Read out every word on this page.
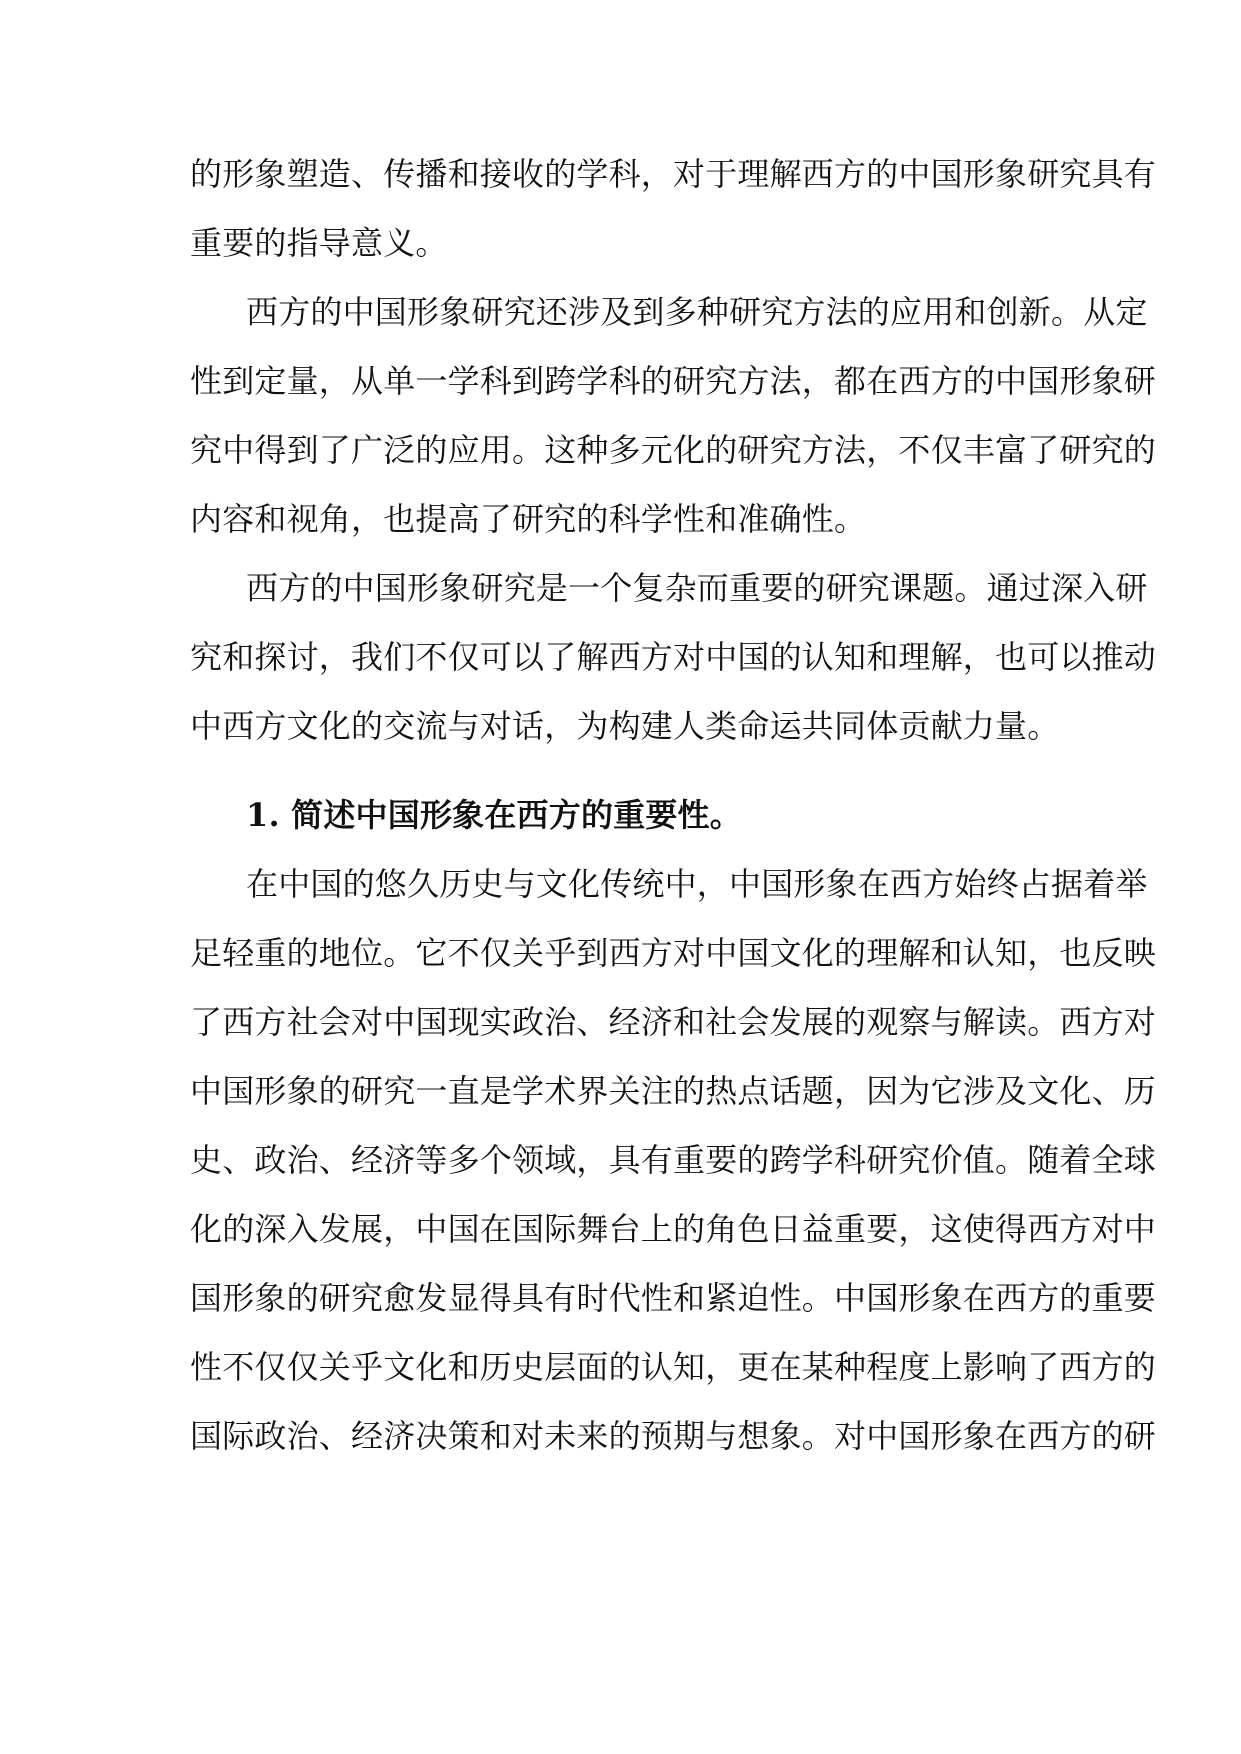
的形象塑造、传播和接收的学科，对于理解西方的中国形象研究具有
重要的指导意义。
西方的中国形象研究还涉及到多种研究方法的应用和创新。从定
性到定量，从单一学科到跨学科的研究方法，都在西方的中国形象研
究中得到了广泛的应用。这种多元化的研究方法，不仅丰富了研究的
内容和视角，也提高了研究的科学性和准确性。
西方的中国形象研究是一个复杂而重要的研究课题。通过深入研
究和探讨，我们不仅可以了解西方对中国的认知和理解，也可以推动
中西方文化的交流与对话，为构建人类命运共同体贡献力量。
1. 简述中国形象在西方的重要性。
在中国的悠久历史与文化传统中，中国形象在西方始终占据着举
足轻重的地位。它不仅关乎到西方对中国文化的理解和认知，也反映
了西方社会对中国现实政治、经济和社会发展的观察与解读。西方对
中国形象的研究一直是学术界关注的热点话题，因为它涉及文化、历
史、政治、经济等多个领域，具有重要的跨学科研究价值。随着全球
化的深入发展，中国在国际舞台上的角色日益重要，这使得西方对中
国形象的研究愈发显得具有时代性和紧迫性。中国形象在西方的重要
性不仅仅关乎文化和历史层面的认知，更在某种程度上影响了西方的
国际政治、经济决策和对未来的预期与想象。对中国形象在西方的研
